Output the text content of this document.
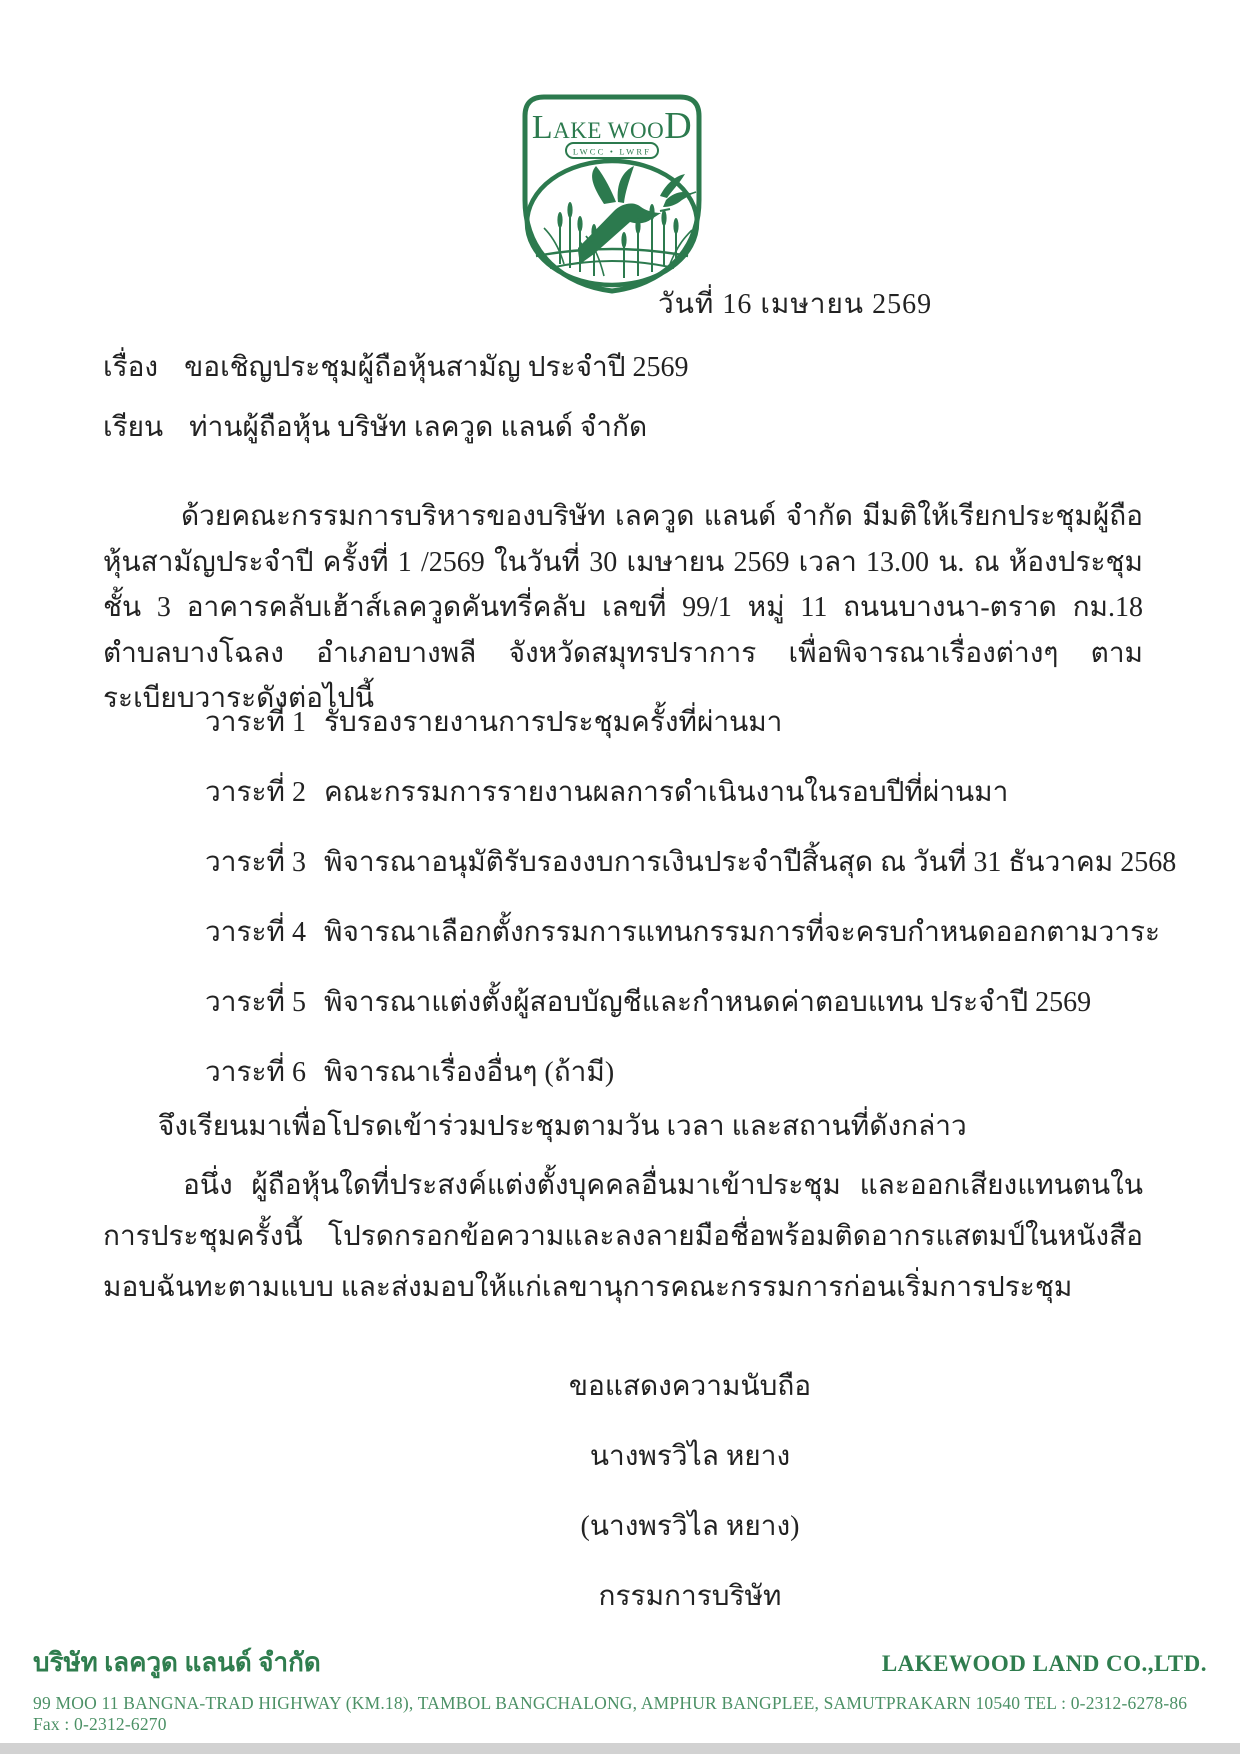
LAKE WOOD
LWCC • LWRF
วันที่ 16 เมษายน 2569
เรื่อง ขอเชิญประชุมผู้ถือหุ้นสามัญ ประจำปี 2569
เรียน ท่านผู้ถือหุ้น บริษัท เลควูด แลนด์ จำกัด
ด้วยคณะกรรมการบริหารของบริษัท เลควูด แลนด์ จำกัด มีมติให้เรียกประชุมผู้ถือหุ้นสามัญประจำปี ครั้งที่ 1 /2569 ในวันที่ 30 เมษายน 2569 เวลา 13.00 น. ณ ห้องประชุม ชั้น 3 อาคารคลับเฮ้าส์เลควูดคันทรี่คลับ เลขที่ 99/1 หมู่ 11 ถนนบางนา-ตราด กม.18 ตำบลบางโฉลง อำเภอบางพลี จังหวัดสมุทรปราการ เพื่อพิจารณาเรื่องต่างๆ ตามระเบียบวาระดังต่อไปนี้
วาระที่ 1 รับรองรายงานการประชุมครั้งที่ผ่านมา
วาระที่ 2 คณะกรรมการรายงานผลการดำเนินงานในรอบปีที่ผ่านมา
วาระที่ 3 พิจารณาอนุมัติรับรองงบการเงินประจำปีสิ้นสุด ณ วันที่ 31 ธันวาคม 2568
วาระที่ 4 พิจารณาเลือกตั้งกรรมการแทนกรรมการที่จะครบกำหนดออกตามวาระ
วาระที่ 5 พิจารณาแต่งตั้งผู้สอบบัญชีและกำหนดค่าตอบแทน ประจำปี 2569
วาระที่ 6 พิจารณาเรื่องอื่นๆ (ถ้ามี)
จึงเรียนมาเพื่อโปรดเข้าร่วมประชุมตามวัน เวลา และสถานที่ดังกล่าว
อนึ่ง ผู้ถือหุ้นใดที่ประสงค์แต่งตั้งบุคคลอื่นมาเข้าประชุม และออกเสียงแทนตนในการประชุมครั้งนี้ โปรดกรอกข้อความและลงลายมือชื่อพร้อมติดอากรแสตมป์ในหนังสือมอบฉันทะตามแบบ และส่งมอบให้แก่เลขานุการคณะกรรมการก่อนเริ่มการประชุม
ขอแสดงความนับถือ
นางพรวิไล หยาง
(นางพรวิไล หยาง)
กรรมการบริษัท
บริษัท เลควูด แลนด์ จำกัด	LAKEWOOD LAND CO.,LTD.
99 MOO 11 BANGNA-TRAD HIGHWAY (KM.18), TAMBOL BANGCHALONG, AMPHUR BANGPLEE, SAMUTPRAKARN 10540 TEL : 0-2312-6278-86 Fax : 0-2312-6270
